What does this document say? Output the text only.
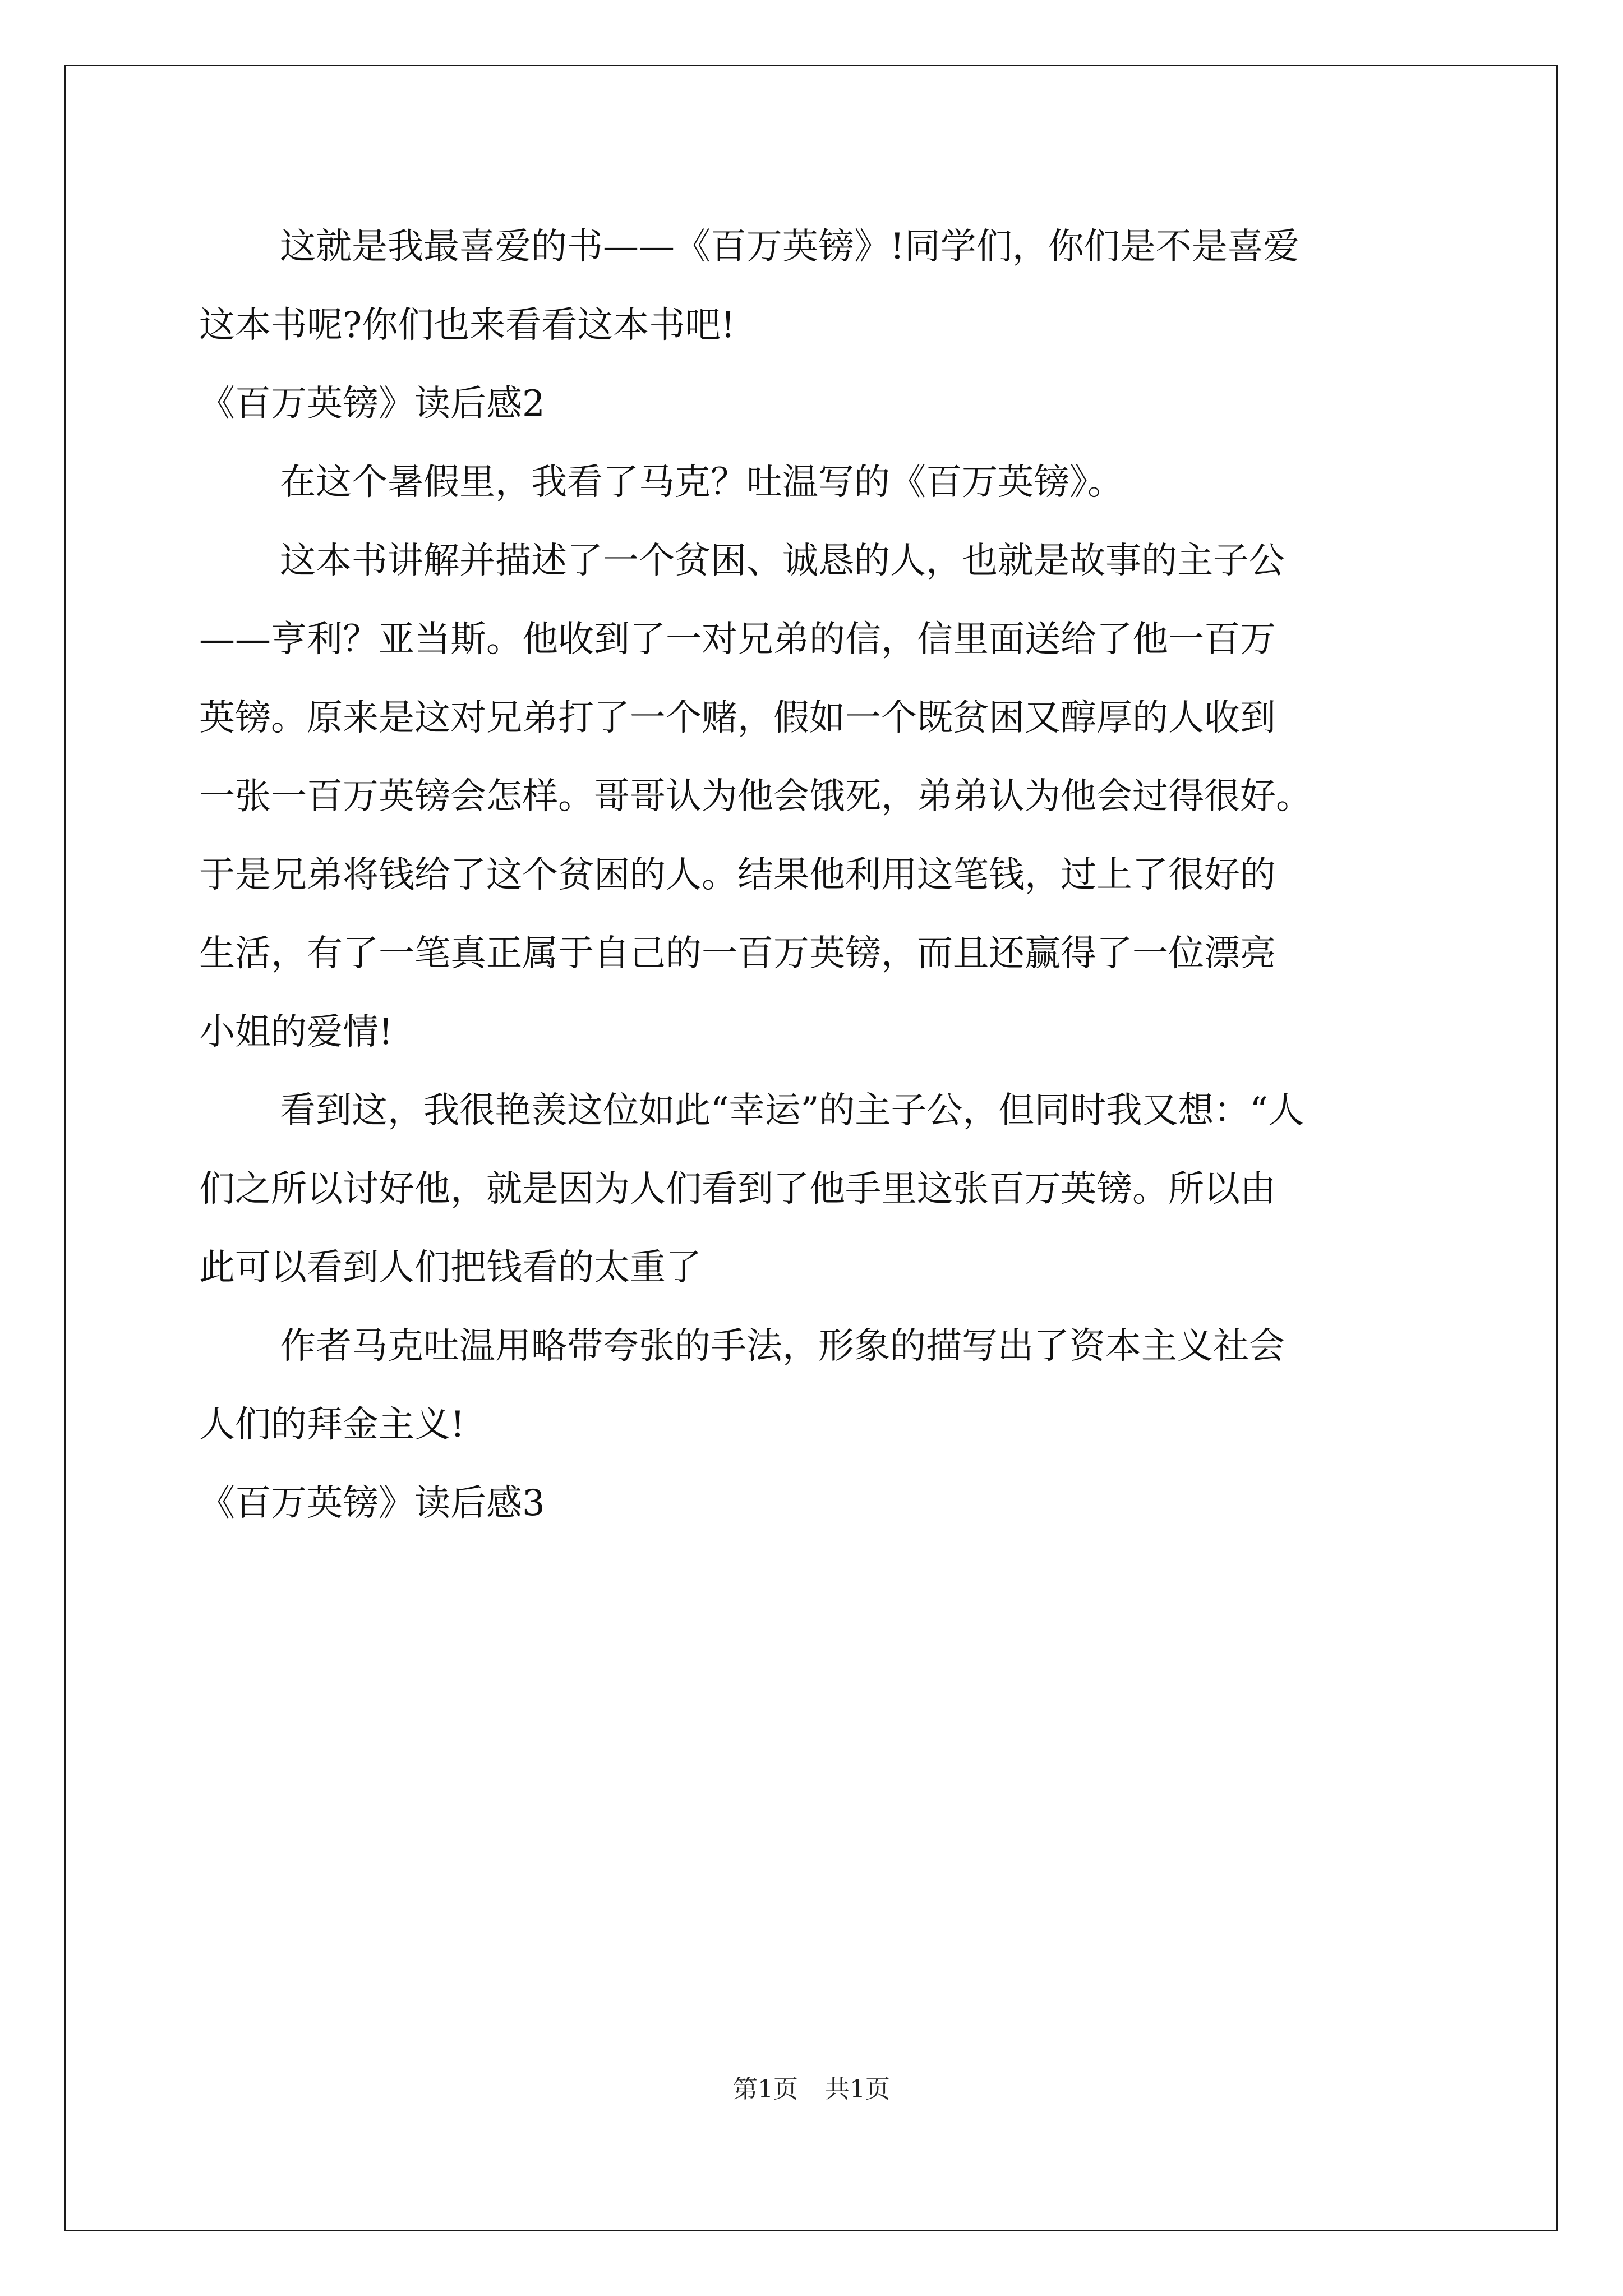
这就是我最喜爱的书——《百万英镑》!同学们，你们是不是喜爱

这本书呢?你们也来看看这本书吧!

《百万英镑》读后感2

在这个暑假里，我看了马克？吐温写的《百万英镑》。

这本书讲解并描述了一个贫困、诚恳的人，也就是故事的主子公

——亨利？亚当斯。他收到了一对兄弟的信，信里面送给了他一百万

英镑。原来是这对兄弟打了一个赌，假如一个既贫困又醇厚的人收到

一张一百万英镑会怎样。哥哥认为他会饿死，弟弟认为他会过得很好。

于是兄弟将钱给了这个贫困的人。结果他利用这笔钱，过上了很好的

生活，有了一笔真正属于自己的一百万英镑，而且还赢得了一位漂亮

小姐的爱情!

看到这，我很艳羡这位如此“幸运”的主子公，但同时我又想：“人

们之所以讨好他，就是因为人们看到了他手里这张百万英镑。所以由

此可以看到人们把钱看的太重了

作者马克吐温用略带夸张的手法，形象的描写出了资本主义社会

人们的拜金主义!

《百万英镑》读后感3

第1页 共1页
